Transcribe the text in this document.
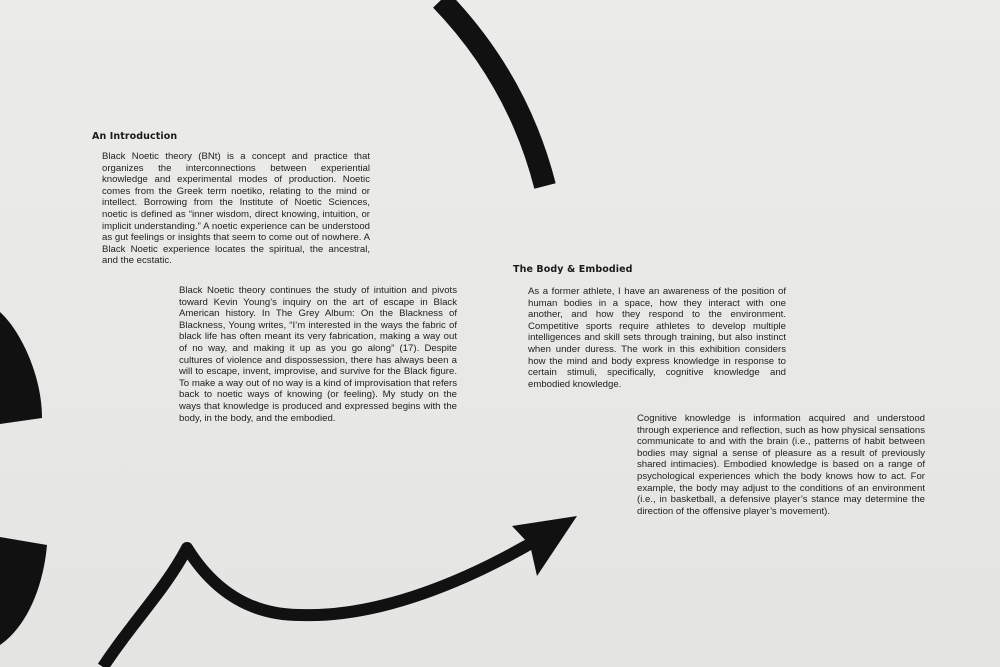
An Introduction

Black Noetic theory (BNt) is a concept and practice that organizes the interconnections between experiential knowledge and experimental modes of production. Noetic comes from the Greek term noetiko, relating to the mind or intellect. Borrowing from the Institute of Noetic Sciences, noetic is defined as “inner wisdom, direct knowing, intuition, or implicit understanding.” A noetic experience can be understood as gut feelings or insights that seem to come out of nowhere. A Black Noetic experience locates the spiritual, the ancestral, and the ecstatic.

Black Noetic theory continues the study of intuition and pivots toward Kevin Young’s inquiry on the art of escape in Black American history. In The Grey Album: On the Blackness of Blackness, Young writes, “I’m interested in the ways the fabric of black life has often meant its very fabrication, making a way out of no way, and making it up as you go along” (17). Despite cultures of violence and dispossession, there has always been a will to escape, invent, improvise, and survive for the Black figure. To make a way out of no way is a kind of improvisation that refers back to noetic ways of knowing (or feeling). My study on the ways that knowledge is produced and expressed begins with the body, in the body, and the embodied.

The Body & Embodied

As a former athlete, I have an awareness of the position of human bodies in a space, how they interact with one another, and how they respond to the environment. Competitive sports require athletes to develop multiple intelligences and skill sets through training, but also instinct when under duress. The work in this exhibition considers how the mind and body express knowledge in response to certain stimuli, specifically, cognitive knowledge and embodied knowledge.

Cognitive knowledge is information acquired and understood through experience and reflection, such as how physical sensations communicate to and with the brain (i.e., patterns of habit between bodies may signal a sense of pleasure as a result of previously shared intimacies). Embodied knowledge is based on a range of psychological experiences which the body knows how to act. For example, the body may adjust to the conditions of an environment (i.e., in basketball, a defensive player’s stance may determine the direction of the offensive player’s movement).
